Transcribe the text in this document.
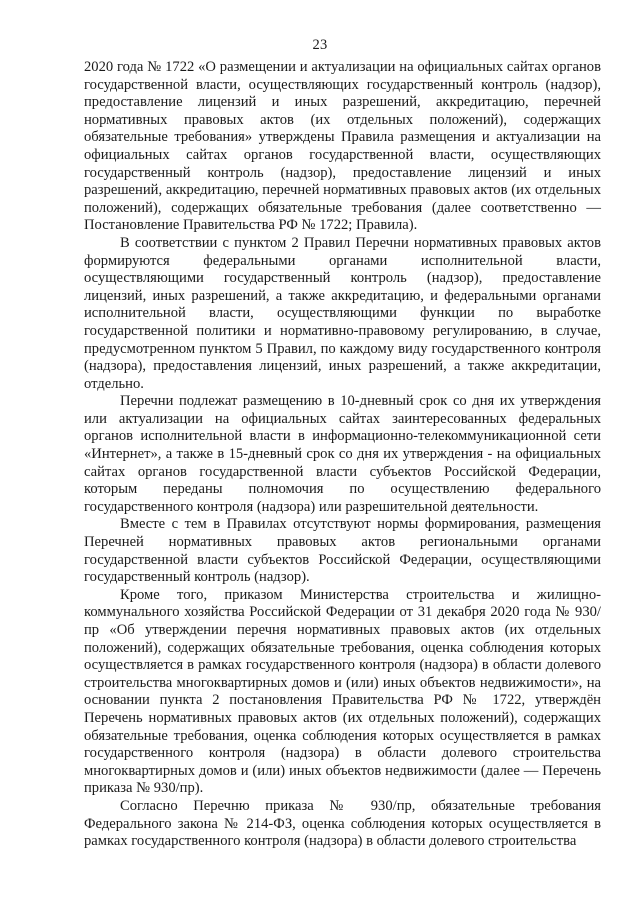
23

2020 года № 1722 «О размещении и актуализации на официальных сайтах органов государственной власти, осуществляющих государственный контроль (надзор), предоставление лицензий и иных разрешений, аккредитацию, перечней нормативных правовых актов (их отдельных положений), содержащих обязательные требования» утверждены Правила размещения и актуализации на официальных сайтах органов государственной власти, осуществляющих государственный контроль (надзор), предоставление лицензий и иных разрешений, аккредитацию, перечней нормативных правовых актов (их отдельных положений), содержащих обязательные требования (далее соответственно — Постановление Правительства РФ № 1722; Правила).

В соответствии с пунктом 2 Правил Перечни нормативных правовых актов формируются федеральными органами исполнительной власти, осуществляющими государственный контроль (надзор), предоставление лицензий, иных разрешений, а также аккредитацию, и федеральными органами исполнительной власти, осуществляющими функции по выработке государственной политики и нормативно-правовому регулированию, в случае, предусмотренном пунктом 5 Правил, по каждому виду государственного контроля (надзора), предоставления лицензий, иных разрешений, а также аккредитации, отдельно.

Перечни подлежат размещению в 10-дневный срок со дня их утверждения или актуализации на официальных сайтах заинтересованных федеральных органов исполнительной власти в информационно-телекоммуникационной сети «Интернет», а также в 15-дневный срок со дня их утверждения - на официальных сайтах органов государственной власти субъектов Российской Федерации, которым переданы полномочия по осуществлению федерального государственного контроля (надзора) или разрешительной деятельности.

Вместе с тем в Правилах отсутствуют нормы формирования, размещения Перечней нормативных правовых актов региональными органами государственной власти субъектов Российской Федерации, осуществляющими государственный контроль (надзор).

Кроме того, приказом Министерства строительства и жилищно-коммунального хозяйства Российской Федерации от 31 декабря 2020 года № 930/пр «Об утверждении перечня нормативных правовых актов (их отдельных положений), содержащих обязательные требования, оценка соблюдения которых осуществляется в рамках государственного контроля (надзора) в области долевого строительства многоквартирных домов и (или) иных объектов недвижимости», на основании пункта 2 постановления Правительства РФ № 1722, утверждён Перечень нормативных правовых актов (их отдельных положений), содержащих обязательные требования, оценка соблюдения которых осуществляется в рамках государственного контроля (надзора) в области долевого строительства многоквартирных домов и (или) иных объектов недвижимости (далее — Перечень приказа № 930/пр).

Согласно Перечню приказа № 930/пр, обязательные требования Федерального закона № 214-ФЗ, оценка соблюдения которых осуществляется в рамках государственного контроля (надзора) в области долевого строительства
